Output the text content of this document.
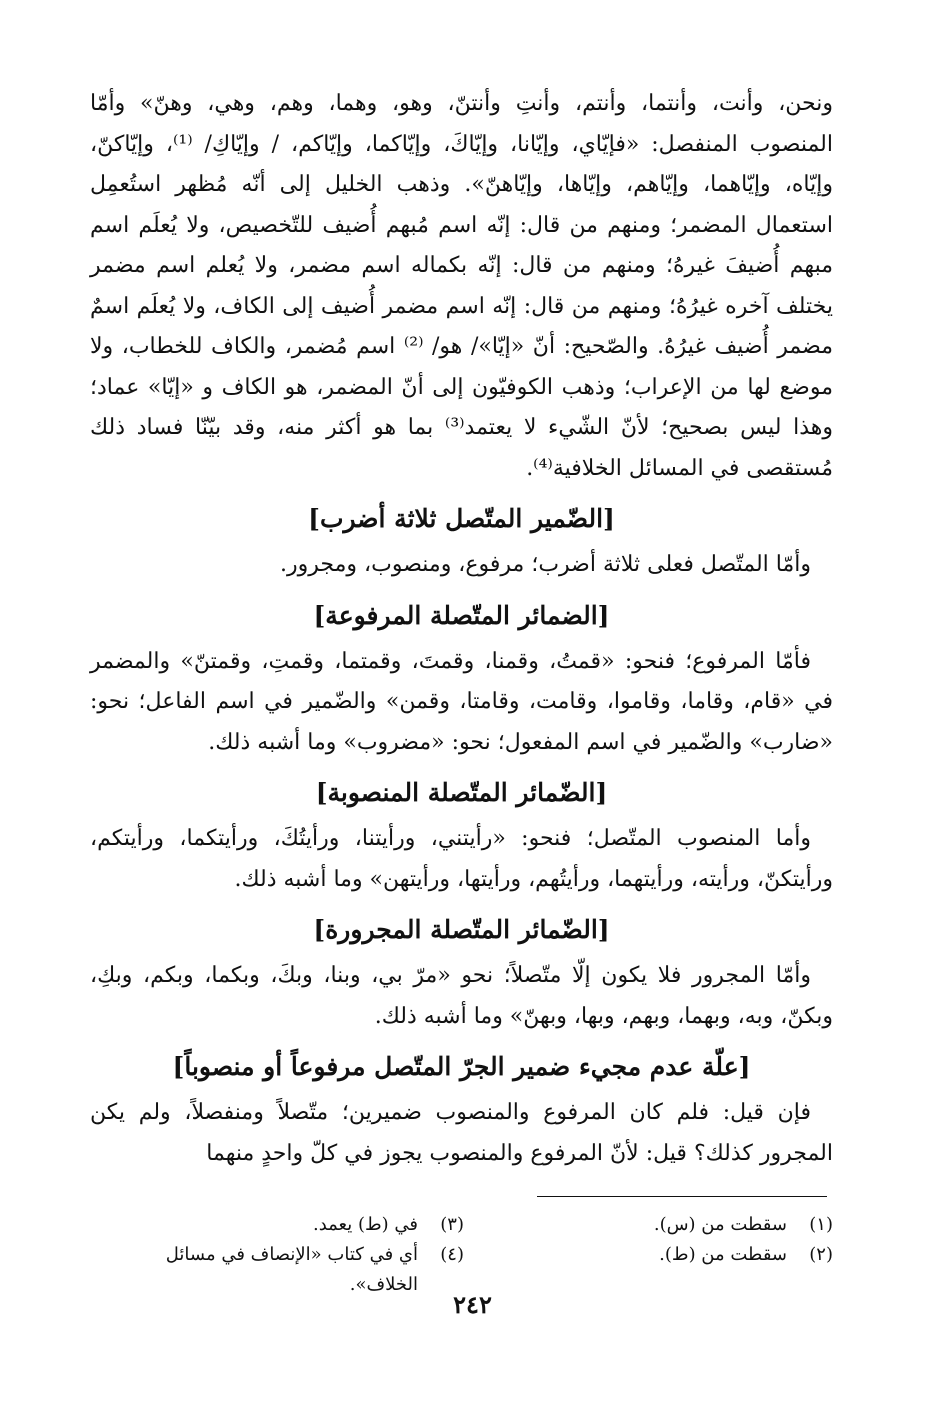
ونحن، وأنت، وأنتما، وأنتم، وأنتِ وأنتنّ، وهو، وهما، وهم، وهي، وهنّ» وأمّا المنصوب المنفصل: «فإيّاي، وإيّانا، وإيّاكَ، وإيّاكما، وإيّاكم، / وإيّاكِ/ ⁽¹⁾، وإيّاكنّ، وإيّاه، وإيّاهما، وإيّاهم، وإيّاها، وإيّاهنّ». وذهب الخليل إلى أنّه مُظهر استُعمِل استعمال المضمر؛ ومنهم من قال: إنّه اسم مُبهم أُضيف للتّخصيص، ولا يُعلَم اسم مبهم أُضيفَ غيرهُ؛ ومنهم من قال: إنّه بكماله اسم مضمر، ولا يُعلم اسم مضمر يختلف آخره غيرُهُ؛ ومنهم من قال: إنّه اسم مضمر أُضيف إلى الكاف، ولا يُعلَم اسمٌ مضمر أُضيف غيرُهُ. والصّحيح: أنّ «إيّا»/ هو/ ⁽²⁾ اسم مُضمر، والكاف للخطاب، ولا موضع لها من الإعراب؛ وذهب الكوفيّون إلى أنّ المضمر، هو الكاف و «إيّا» عماد؛ وهذا ليس بصحيح؛ لأنّ الشّيء لا يعتمد⁽³⁾ بما هو أكثر منه، وقد بيّنّا فساد ذلك مُستقصى في المسائل الخلافية⁽⁴⁾.

[الضّمير المتّصل ثلاثة أضرب]

وأمّا المتّصل فعلى ثلاثة أضرب؛ مرفوع، ومنصوب، ومجرور.

[الضمائر المتّصلة المرفوعة]

فأمّا المرفوع؛ فنحو: «قمتُ، وقمنا، وقمتَ، وقمتما، وقمتِ، وقمتنّ» والمضمر في «قام، وقاما، وقاموا، وقامت، وقامتا، وقمن» والضّمير في اسم الفاعل؛ نحو: «ضارب» والضّمير في اسم المفعول؛ نحو: «مضروب» وما أشبه ذلك.

[الضّمائر المتّصلة المنصوبة]

وأما المنصوب المتّصل؛ فنحو: «رأيتني، ورأيتنا، ورأيتُكَ، ورأيتكما، ورأيتكم، ورأيتكنّ، ورأيته، ورأيتهما، ورأيتُهم، ورأيتها، ورأيتهن» وما أشبه ذلك.

[الضّمائر المتّصلة المجرورة]

وأمّا المجرور فلا يكون إلّا متّصلاً؛ نحو «مرّ بي، وبنا، وبكَ، وبكما، وبكم، وبكِ، وبكنّ، وبه، وبهما، وبهم، وبها، وبهنّ» وما أشبه ذلك.

[علّة عدم مجيء ضمير الجرّ المتّصل مرفوعاً أو منصوباً]

فإن قيل: فلم كان المرفوع والمنصوب ضميرين؛ متّصلاً ومنفصلاً، ولم يكن المجرور كذلك؟ قيل: لأنّ المرفوع والمنصوب يجوز في كلّ واحدٍ منهما

(١)
سقطت من (س).
(٣)
في (ط) يعمد.
(٢)
سقطت من (ط).
(٤)
أي في كتاب «الإنصاف في مسائل الخلاف».
٢٤٢
